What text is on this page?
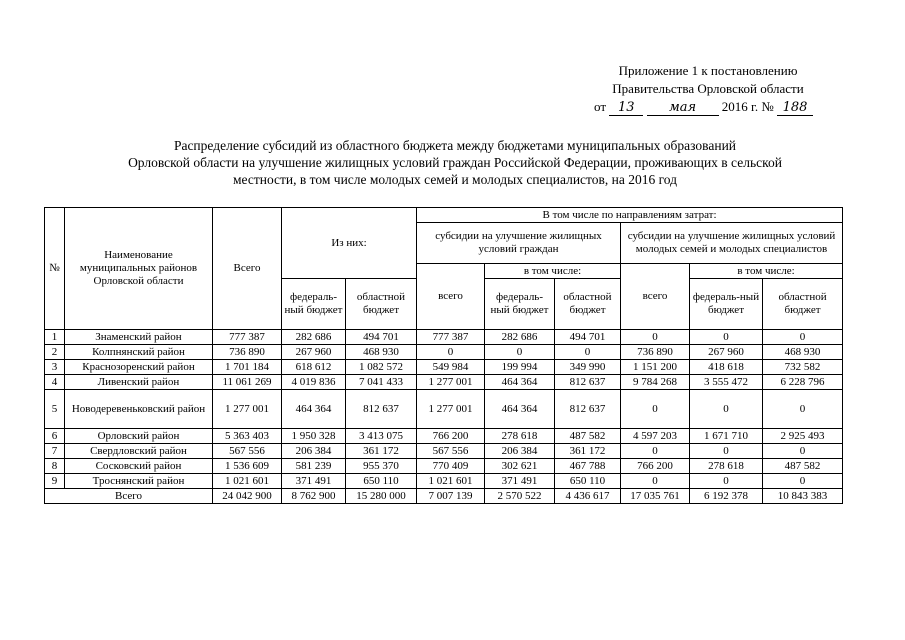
Приложение 1 к постановлению
Правительства Орловской области
от 13	мая 2016 г. № 188
Распределение субсидий из областного бюджета между бюджетами муниципальных образований
Орловской области на улучшение жилищных условий граждан Российской Федерации, проживающих в сельской
местности, в том числе молодых семей и молодых специалистов, на 2016 год
№	Наименование муниципальных районов Орловской области	Всего	Из них:		В том числе по направлениям затрат:					
					субсидии на улучшение жилищных условий граждан			субсидии на улучшение жилищных условий молодых семей и молодых специалистов		
					всего	в том числе:		всего	в том числе:	
			федераль-ный бюджет	областной бюджет		федераль-ный бюджет	областной бюджет		федераль-ный бюджет	областной бюджет
1	Знаменский район	777 387	282 686	494 701	777 387	282 686	494 701	0	0	0
2	Колпнянский район	736 890	267 960	468 930	0	0	0	736 890	267 960	468 930
3	Краснозоренский район	1 701 184	618 612	1 082 572	549 984	199 994	349 990	1 151 200	418 618	732 582
4	Ливенский район	11 061 269	4 019 836	7 041 433	1 277 001	464 364	812 637	9 784 268	3 555 472	6 228 796
5	Новодеревеньковский район	1 277 001	464 364	812 637	1 277 001	464 364	812 637	0	0	0
6	Орловский район	5 363 403	1 950 328	3 413 075	766 200	278 618	487 582	4 597 203	1 671 710	2 925 493
7	Свердловский район	567 556	206 384	361 172	567 556	206 384	361 172	0	0	0
8	Сосковский район	1 536 609	581 239	955 370	770 409	302 621	467 788	766 200	278 618	487 582
9	Троснянский район	1 021 601	371 491	650 110	1 021 601	371 491	650 110	0	0	0
Всего		24 042 900	8 762 900	15 280 000	7 007 139	2 570 522	4 436 617	17 035 761	6 192 378	10 843 383
